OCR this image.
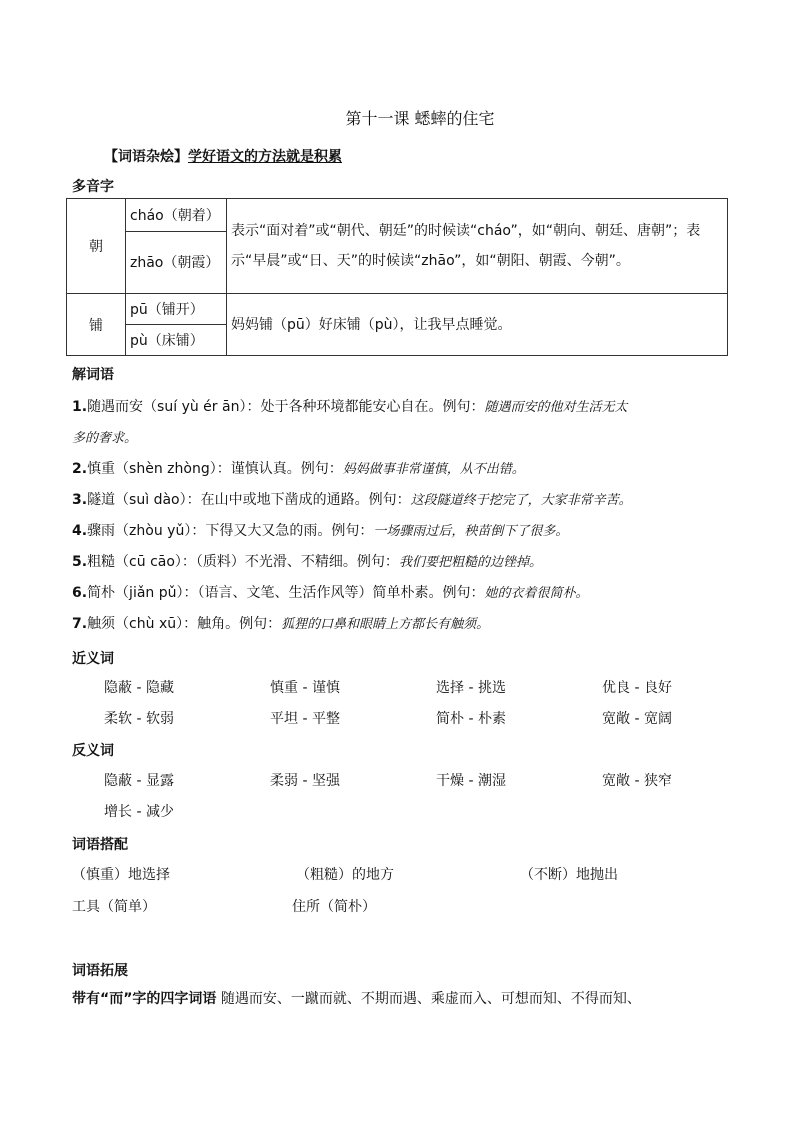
第十一课 蟋蟀的住宅
【词语杂烩】学好语文的方法就是积累
多音字
朝	cháo（朝着）	表示“面对着”或“朝代、朝廷”的时候读“cháo”，如“朝向、朝廷、唐朝”；表示“早晨”或“日、天”的时候读“zhāo”，如“朝阳、朝霞、今朝”。
	zhāo（朝霞）	
铺	pū（铺开）	妈妈铺（pū）好床铺（pù），让我早点睡觉。
	pù（床铺）	
解词语
1.随遇而安（suí yù ér ān）：处于各种环境都能安心自在。例句：随遇而安的他对生活无太
多的奢求。
2.慎重（shèn zhòng）：谨慎认真。例句：妈妈做事非常谨慎，从不出错。
3.隧道（suì dào）：在山中或地下凿成的通路。例句：这段隧道终于挖完了，大家非常辛苦。
4.骤雨（zhòu yǔ）：下得又大又急的雨。例句：一场骤雨过后，秧苗倒下了很多。
5.粗糙（cū cāo）：（质料）不光滑、不精细。例句：我们要把粗糙的边锉掉。
6.简朴（jiǎn pǔ）：（语言、文笔、生活作风等）简单朴素。例句：她的衣着很简朴。
7.触须（chù xū）：触角。例句：狐狸的口鼻和眼睛上方都长有触须。
近义词
隐蔽 - 隐藏	慎重 - 谨慎	选择 - 挑选	优良 - 良好
柔软 - 软弱	平坦 - 平整	简朴 - 朴素	宽敞 - 宽阔
反义词
隐蔽 - 显露	柔弱 - 坚强	干燥 - 潮湿	宽敞 - 狭窄
增长 - 减少
词语搭配
（慎重）地选择	（粗糙）的地方	（不断）地抛出
工具（简单）	住所（简朴）
词语拓展
带有“而”字的四字词语 随遇而安、一蹴而就、不期而遇、乘虚而入、可想而知、不得而知、
